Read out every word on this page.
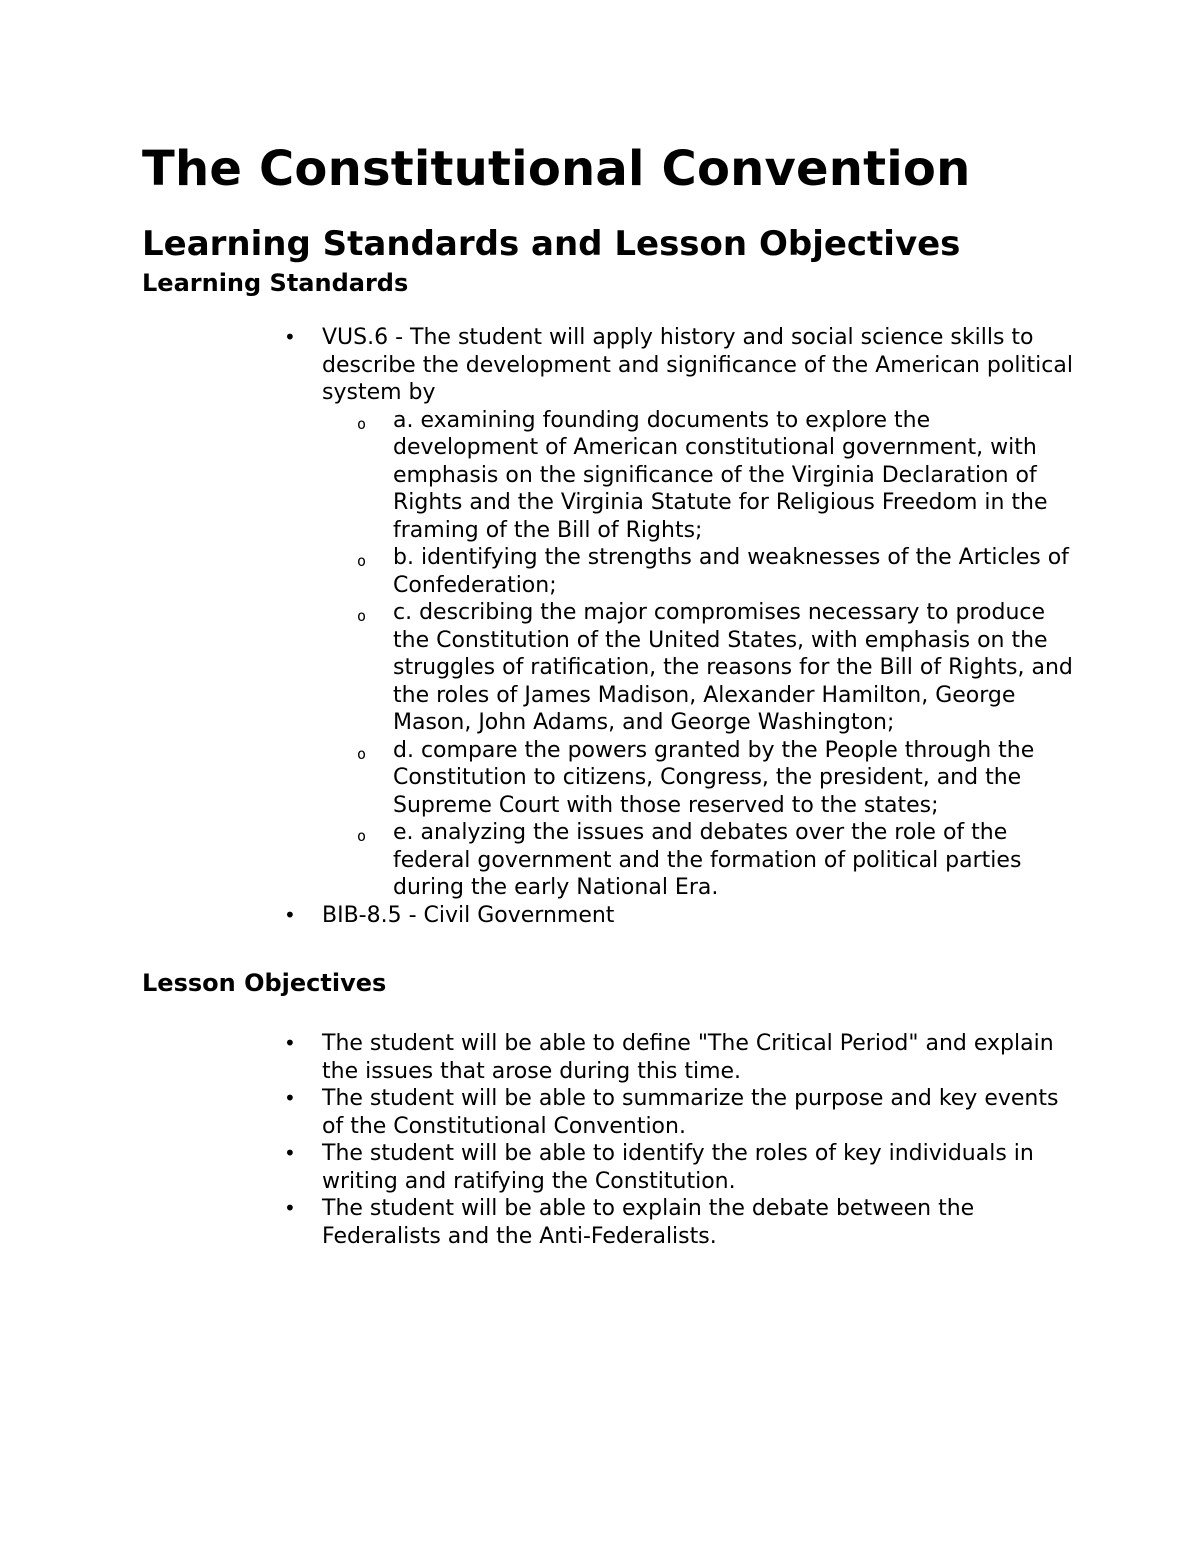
The Constitutional Convention
Learning Standards and Lesson Objectives
Learning Standards
• VUS.6 - The student will apply history and social science skills to describe the development and significance of the American political system by
o a. examining founding documents to explore the development of American constitutional government, with emphasis on the significance of the Virginia Declaration of Rights and the Virginia Statute for Religious Freedom in the framing of the Bill of Rights;
o b. identifying the strengths and weaknesses of the Articles of Confederation;
o c. describing the major compromises necessary to produce the Constitution of the United States, with emphasis on the struggles of ratification, the reasons for the Bill of Rights, and the roles of James Madison, Alexander Hamilton, George Mason, John Adams, and George Washington;
o d. compare the powers granted by the People through the Constitution to citizens, Congress, the president, and the Supreme Court with those reserved to the states;
o e. analyzing the issues and debates over the role of the federal government and the formation of political parties during the early National Era.
• BIB-8.5 - Civil Government
Lesson Objectives
• The student will be able to define "The Critical Period" and explain the issues that arose during this time.
• The student will be able to summarize the purpose and key events of the Constitutional Convention.
• The student will be able to identify the roles of key individuals in writing and ratifying the Constitution.
• The student will be able to explain the debate between the Federalists and the Anti-Federalists.
